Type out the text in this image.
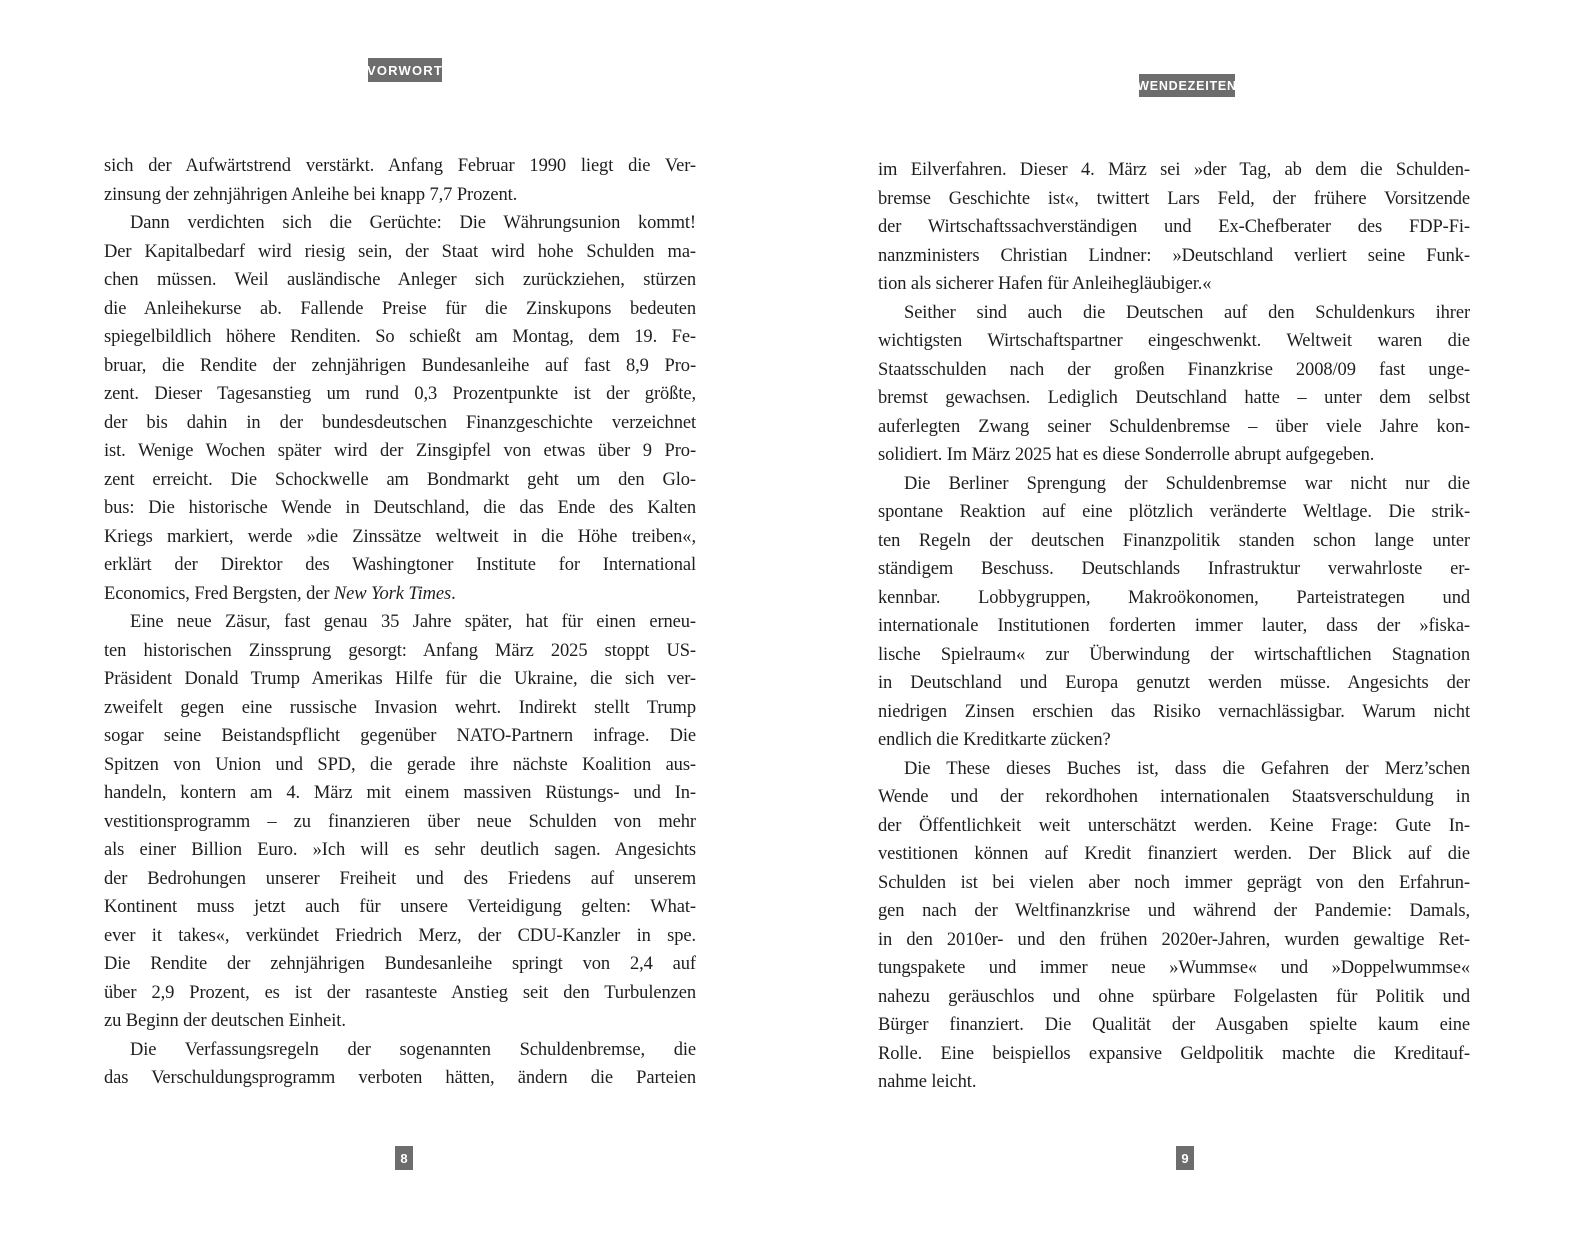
VORWORT
sich der Aufwärtstrend verstärkt. Anfang Februar 1990 liegt die Ver-
zinsung der zehnjährigen Anleihe bei knapp 7,7 Prozent.
Dann verdichten sich die Gerüchte: Die Währungsunion kommt!
Der Kapitalbedarf wird riesig sein, der Staat wird hohe Schulden ma-
chen müssen. Weil ausländische Anleger sich zurückziehen, stürzen
die Anleihekurse ab. Fallende Preise für die Zinskupons bedeuten
spiegelbildlich höhere Renditen. So schießt am Montag, dem 19. Fe-
bruar, die Rendite der zehnjährigen Bundesanleihe auf fast 8,9 Pro-
zent. Dieser Tagesanstieg um rund 0,3 Prozentpunkte ist der größte,
der bis dahin in der bundesdeutschen Finanzgeschichte verzeichnet
ist. Wenige Wochen später wird der Zinsgipfel von etwas über 9 Pro-
zent erreicht. Die Schockwelle am Bondmarkt geht um den Glo-
bus: Die historische Wende in Deutschland, die das Ende des Kalten
Kriegs markiert, werde »die Zinssätze weltweit in die Höhe treiben«,
erklärt der Direktor des Washingtoner Institute for International
Economics, Fred Bergsten, der New York Times.
Eine neue Zäsur, fast genau 35 Jahre später, hat für einen erneu-
ten historischen Zinssprung gesorgt: Anfang März 2025 stoppt US-
Präsident Donald Trump Amerikas Hilfe für die Ukraine, die sich ver-
zweifelt gegen eine russische Invasion wehrt. Indirekt stellt Trump
sogar seine Beistandspflicht gegenüber NATO-Partnern infrage. Die
Spitzen von Union und SPD, die gerade ihre nächste Koalition aus-
handeln, kontern am 4. März mit einem massiven Rüstungs- und In-
vestitionsprogramm – zu finanzieren über neue Schulden von mehr
als einer Billion Euro. »Ich will es sehr deutlich sagen. Angesichts
der Bedrohungen unserer Freiheit und des Friedens auf unserem
Kontinent muss jetzt auch für unsere Verteidigung gelten: What-
ever it takes«, verkündet Friedrich Merz, der CDU-Kanzler in spe.
Die Rendite der zehnjährigen Bundesanleihe springt von 2,4 auf
über 2,9 Prozent, es ist der rasanteste Anstieg seit den Turbulenzen
zu Beginn der deutschen Einheit.
Die Verfassungsregeln der sogenannten Schuldenbremse, die
das Verschuldungsprogramm verboten hätten, ändern die Parteien
8
WENDEZEITEN
im Eilverfahren. Dieser 4. März sei »der Tag, ab dem die Schulden-
bremse Geschichte ist«, twittert Lars Feld, der frühere Vorsitzende
der Wirtschaftssachverständigen und Ex-Chefberater des FDP-Fi-
nanzministers Christian Lindner: »Deutschland verliert seine Funk-
tion als sicherer Hafen für Anleihegläubiger.«
Seither sind auch die Deutschen auf den Schuldenkurs ihrer
wichtigsten Wirtschaftspartner eingeschwenkt. Weltweit waren die
Staatsschulden nach der großen Finanzkrise 2008/09 fast unge-
bremst gewachsen. Lediglich Deutschland hatte – unter dem selbst
auferlegten Zwang seiner Schuldenbremse – über viele Jahre kon-
solidiert. Im März 2025 hat es diese Sonderrolle abrupt aufgegeben.
Die Berliner Sprengung der Schuldenbremse war nicht nur die
spontane Reaktion auf eine plötzlich veränderte Weltlage. Die strik-
ten Regeln der deutschen Finanzpolitik standen schon lange unter
ständigem Beschuss. Deutschlands Infrastruktur verwahrloste er-
kennbar. Lobbygruppen, Makroökonomen, Parteistrategen und
internationale Institutionen forderten immer lauter, dass der »fiska-
lische Spielraum« zur Überwindung der wirtschaftlichen Stagnation
in Deutschland und Europa genutzt werden müsse. Angesichts der
niedrigen Zinsen erschien das Risiko vernachlässigbar. Warum nicht
endlich die Kreditkarte zücken?
Die These dieses Buches ist, dass die Gefahren der Merz’schen
Wende und der rekordhohen internationalen Staatsverschuldung in
der Öffentlichkeit weit unterschätzt werden. Keine Frage: Gute In-
vestitionen können auf Kredit finanziert werden. Der Blick auf die
Schulden ist bei vielen aber noch immer geprägt von den Erfahrun-
gen nach der Weltfinanzkrise und während der Pandemie: Damals,
in den 2010er- und den frühen 2020er-Jahren, wurden gewaltige Ret-
tungspakete und immer neue »Wummse« und »Doppelwummse«
nahezu geräuschlos und ohne spürbare Folgelasten für Politik und
Bürger finanziert. Die Qualität der Ausgaben spielte kaum eine
Rolle. Eine beispiellos expansive Geldpolitik machte die Kreditauf-
nahme leicht.
9
